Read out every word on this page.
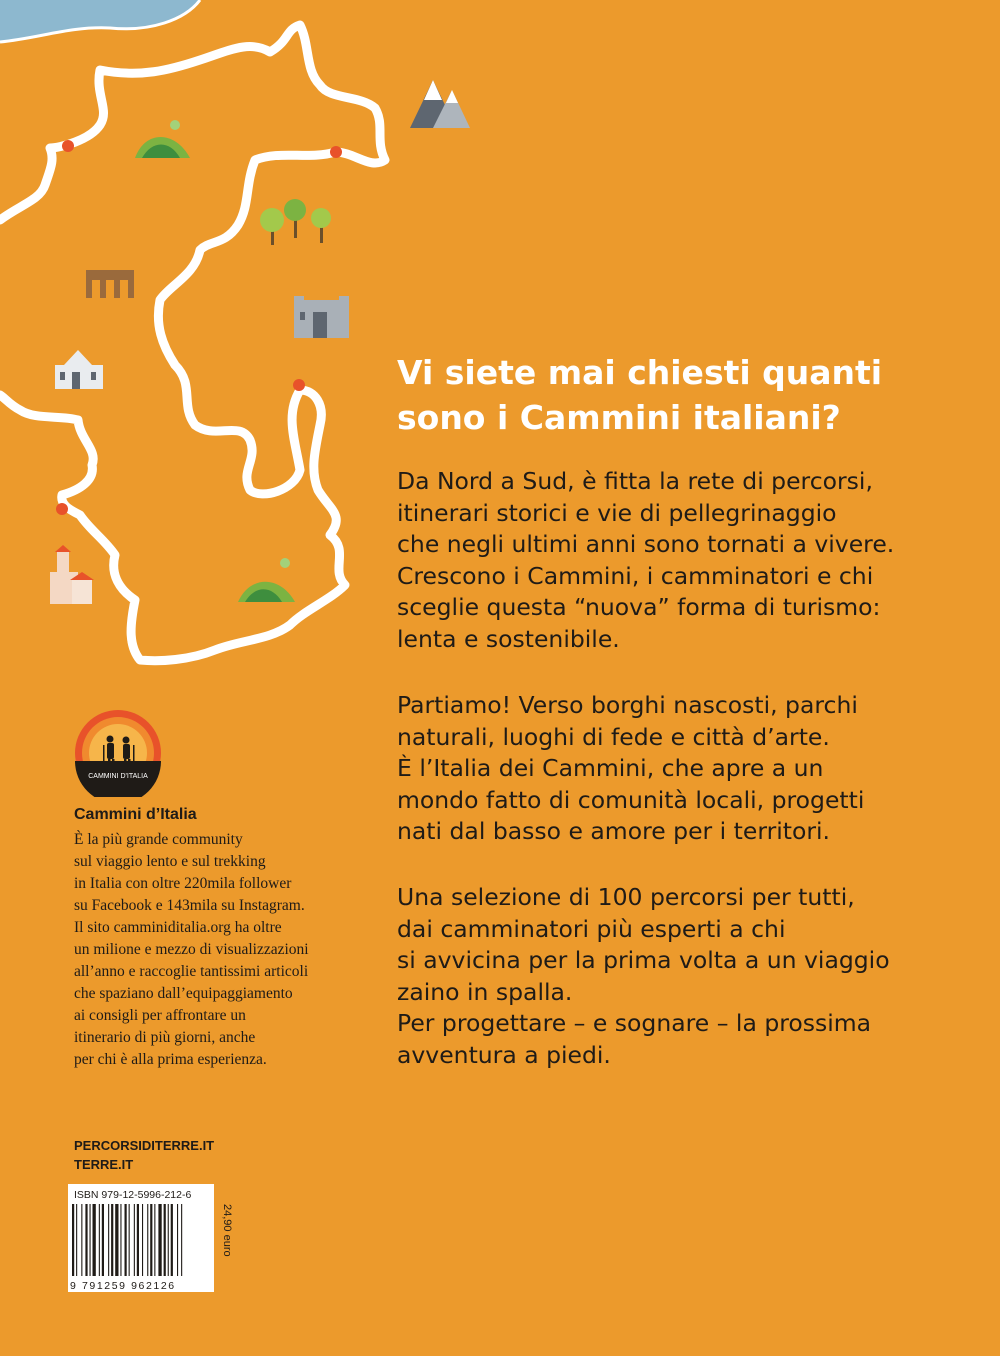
Vi siete mai chiesti quanti
sono i Cammini italiani?

Da Nord a Sud, è fitta la rete di percorsi,
itinerari storici e vie di pellegrinaggio
che negli ultimi anni sono tornati a vivere.
Crescono i Cammini, i camminatori e chi
sceglie questa “nuova” forma di turismo:
lenta e sostenibile.

Partiamo! Verso borghi nascosti, parchi
naturali, luoghi di fede e città d’arte.
È l’Italia dei Cammini, che apre a un
mondo fatto di comunità locali, progetti
nati dal basso e amore per i territori.

Una selezione di 100 percorsi per tutti,
dai camminatori più esperti a chi
si avvicina per la prima volta a un viaggio
zaino in spalla.
Per progettare – e sognare – la prossima
avventura a piedi.

CAMMINI D'ITALIA
Cammini d’Italia
È la più grande community
sul viaggio lento e sul trekking
in Italia con oltre 220mila follower
su Facebook e 143mila su Instagram.
Il sito camminiditalia.org ha oltre
un milione e mezzo di visualizzazioni
all’anno e raccoglie tantissimi articoli
che spaziano dall’equipaggiamento
ai consigli per affrontare un
itinerario di più giorni, anche
per chi è alla prima esperienza.
PERCORSIDITERRE.IT
TERRE.IT
ISBN 979-12-5996-212-6
9 791259 962126
24,90 euro
